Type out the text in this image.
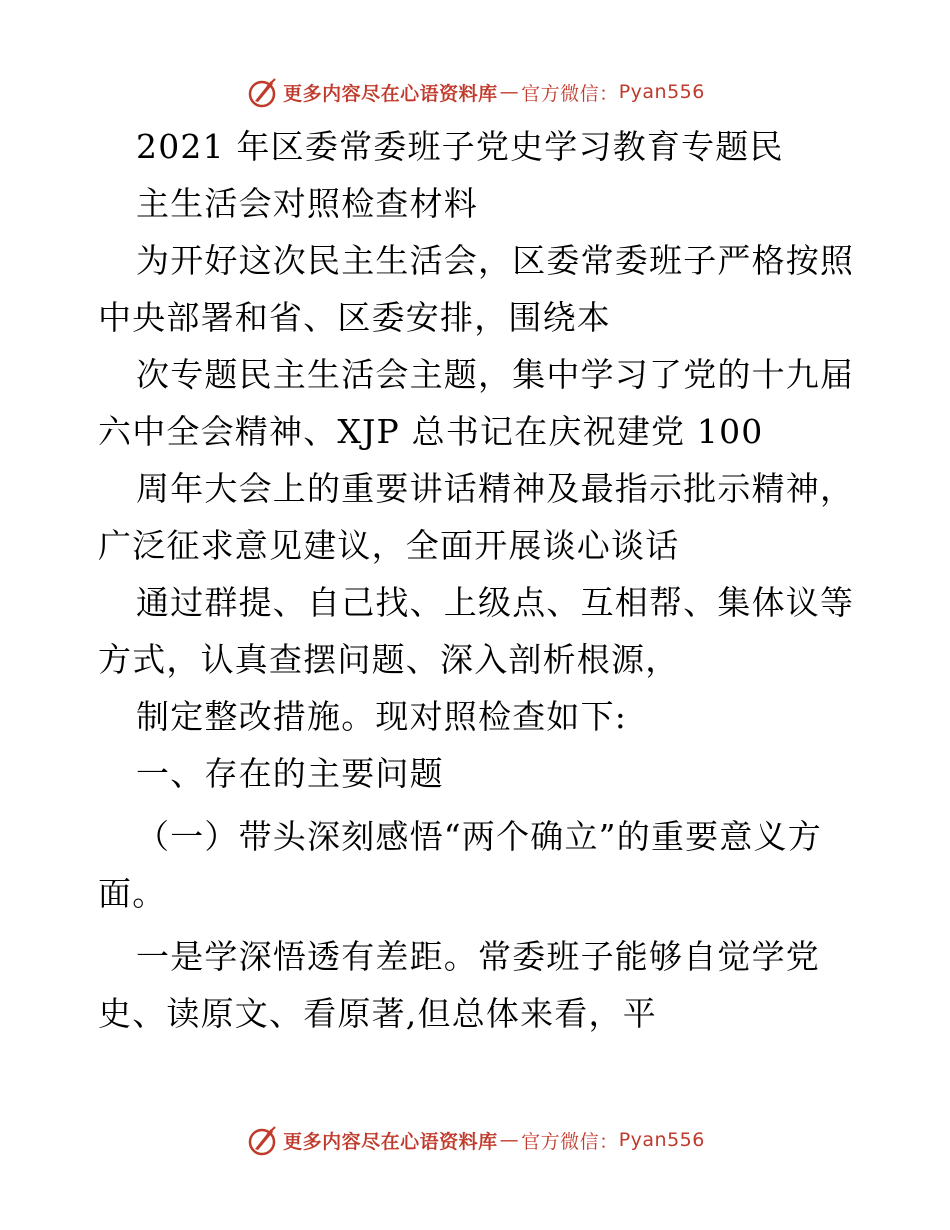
更多内容尽在心语资料库 — 官方微信： Pyan556
2021 年区委常委班子党史学习教育专题民
主生活会对照检查材料
为开好这次民主生活会，区委常委班子严格按照
中央部署和省、区委安排，围绕本
次专题民主生活会主题，集中学习了党的十九届
六中全会精神、XJP 总书记在庆祝建党 100
周年大会上的重要讲话精神及最指示批示精神，
广泛征求意见建议，全面开展谈心谈话
通过群提、自己找、上级点、互相帮、集体议等
方式，认真查摆问题、深入剖析根源，
制定整改措施。现对照检查如下:
一、存在的主要问题
（一）带头深刻感悟“两个确立”的重要意义方
面。
一是学深悟透有差距。常委班子能够自觉学党
史、读原文、看原著,但总体来看，平
更多内容尽在心语资料库 — 官方微信： Pyan556
